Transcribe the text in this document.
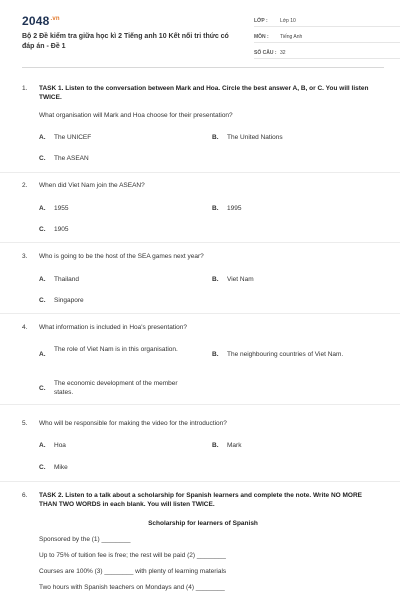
$2048^{.vn}$
Bộ 2 Đề kiểm tra giữa học kì 2 Tiếng anh 10 Kết nối tri thức có đáp án - Đề 1
LỚP :	Lớp 10
MÔN :	Tiếng Anh
SỐ CÂU : 32
1. TASK 1. Listen to the conversation between Mark and Hoa. Circle the best answer A, B, or C. You will listen TWICE.
What organisation will Mark and Hoa choose for their presentation?
A. The UNICEF	B. The United Nations
C. The ASEAN
2. When did Viet Nam join the ASEAN?
A. 1955	B. 1995
C. 1905
3. Who is going to be the host of the SEA games next year?
A. Thailand	B. Viet Nam
C. Singapore
4. What information is included in Hoa's presentation?
A.
The role of Viet Nam is in this organisation.
B. The neighbouring countries of Viet Nam.
C.
The economic development of the member states.
5. Who will be responsible for making the video for the introduction?
A. Hoa	B. Mark
C. Mike
6. TASK 2. Listen to a talk about a scholarship for Spanish learners and complete the note. Write NO MORE THAN TWO WORDS in each blank. You will listen TWICE.
Scholarship for learners of Spanish
Sponsored by the (1) ________
Up to 75% of tuition fee is free; the rest will be paid (2) ________
Courses are 100% (3) ________ with plenty of learning materials
Two hours with Spanish teachers on Mondays and (4) ________
